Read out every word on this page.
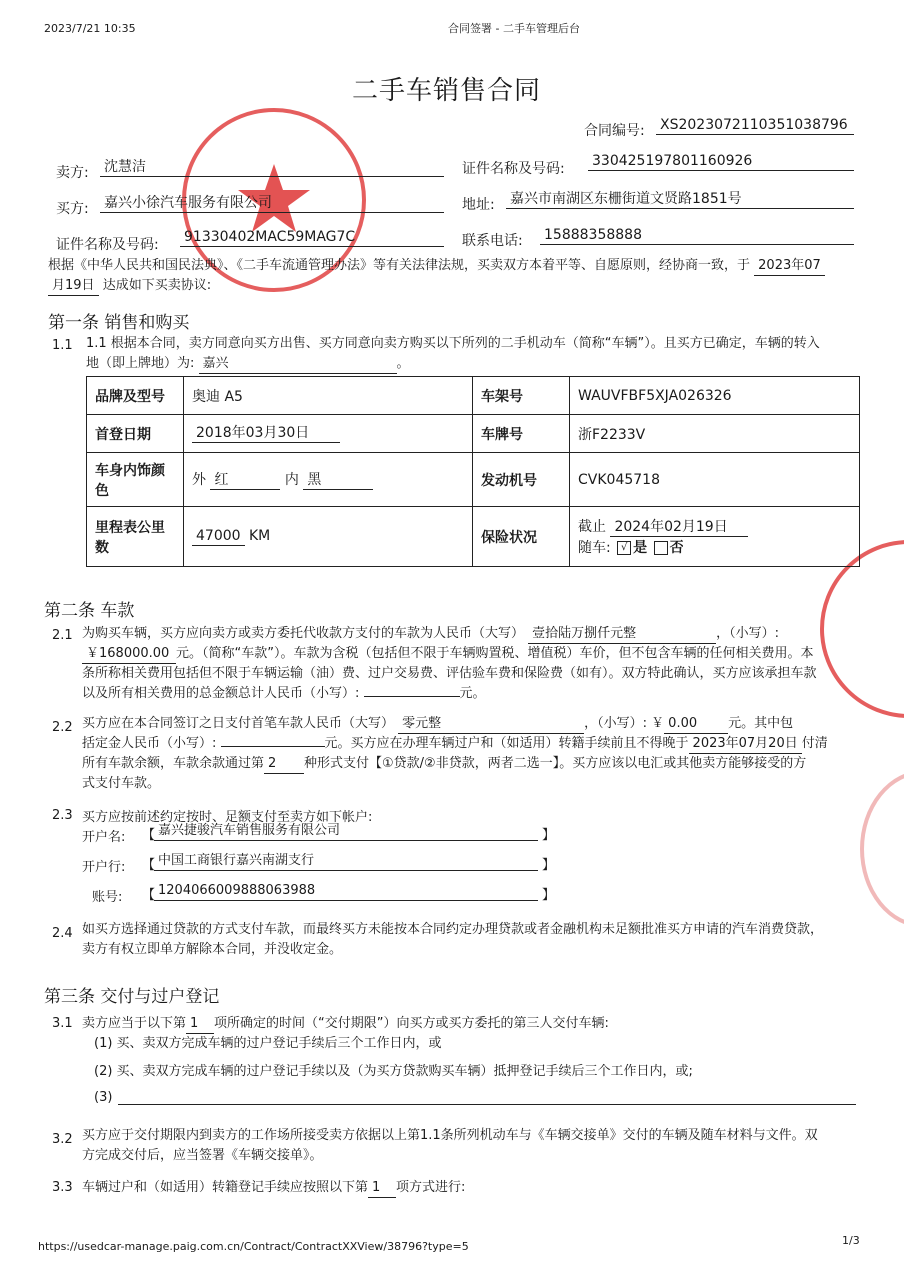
2023/7/21 10:35	合同签署 - 二手车管理后台
二手车销售合同
合同编号: XS2023072110351038796
卖方: 沈慧洁	证件名称及号码: 330425197801160926
买方: 嘉兴小徐汽车服务有限公司	地址: 嘉兴市南湖区东栅街道文贤路1851号
证件名称及号码: 91330402MAC59MAG7C	联系电话: 15888358888
根据《中华人民共和国民法典》、《二手车流通管理办法》等有关法律法规，买卖双方本着平等、自愿原则，经协商一致，于 2023年07
月19日 达成如下买卖协议:
第一条 销售和购买
1.1 1.1 根据本合同，卖方同意向买方出售、买方同意向卖方购买以下所列的二手机动车（简称“车辆”）。且买方已确定，车辆的转入
地（即上牌地）为: 嘉兴	。
品牌及型号	奥迪 A5	车架号	WAUVFBF5XJA026326
首登日期	2018年03月30日	车牌号	浙F2233V
车身内饰颜
色	外 红 内 黑	发动机号	CVK045718
里程表公里
数	47000 KM	保险状况	截止 2024年02月19日
随车: √ 是 否
第二条 车款
2.1 为购买车辆，买方应向卖方或卖方委托代收款方支付的车款为人民币（大写） 壹拾陆万捌仟元整	，（小写）:
￥168000.00 元。（简称“车款”）。车款为含税（包括但不限于车辆购置税、增值税）车价，但不包含车辆的任何相关费用。本
条所称相关费用包括但不限于车辆运输（油）费、过户交易费、评估验车费和保险费（如有）。双方特此确认，买方应该承担车款
以及所有相关费用的总金额总计人民币（小写）:	元。
2.2 买方应在本合同签订之日支付首笔车款人民币（大写） 零元整	，（小写）: ￥ 0.00 元。其中包
括定金人民币（小写）:	元。买方应在办理车辆过户和（如适用）转籍手续前且不得晚于 2023年07月20日 付清
所有车款余额，车款余款通过第 2 种形式支付【①贷款/②非贷款，两者二选一】。买方应该以电汇或其他卖方能够接受的方
式支付车款。
2.3 买方应按前述约定按时、足额支付至卖方如下帐户:
开户名: 【 嘉兴捷骏汽车销售服务有限公司	】
开户行: 【 中国工商银行嘉兴南湖支行	】
账号: 【 1204066009888063988	】
2.4 如买方选择通过贷款的方式支付车款，而最终买方未能按本合同约定办理贷款或者金融机构未足额批准买方申请的汽车消费贷款，
卖方有权立即单方解除本合同，并没收定金。
第三条 交付与过户登记
3.1 卖方应当于以下第 1 项所确定的时间（“交付期限”）向买方或买方委托的第三人交付车辆:
(1) 买、卖双方完成车辆的过户登记手续后三个工作日内，或
(2) 买、卖双方完成车辆的过户登记手续以及（为买方贷款购买车辆）抵押登记手续后三个工作日内，或;
(3)
3.2 买方应于交付期限内到卖方的工作场所接受卖方依据以上第1.1条所列机动车与《车辆交接单》交付的车辆及随车材料与文件。双
方完成交付后，应当签署《车辆交接单》。
3.3 车辆过户和（如适用）转籍登记手续应按照以下第 1 项方式进行:
https://usedcar-manage.paig.com.cn/Contract/ContractXXView/38796?type=5	1/3
